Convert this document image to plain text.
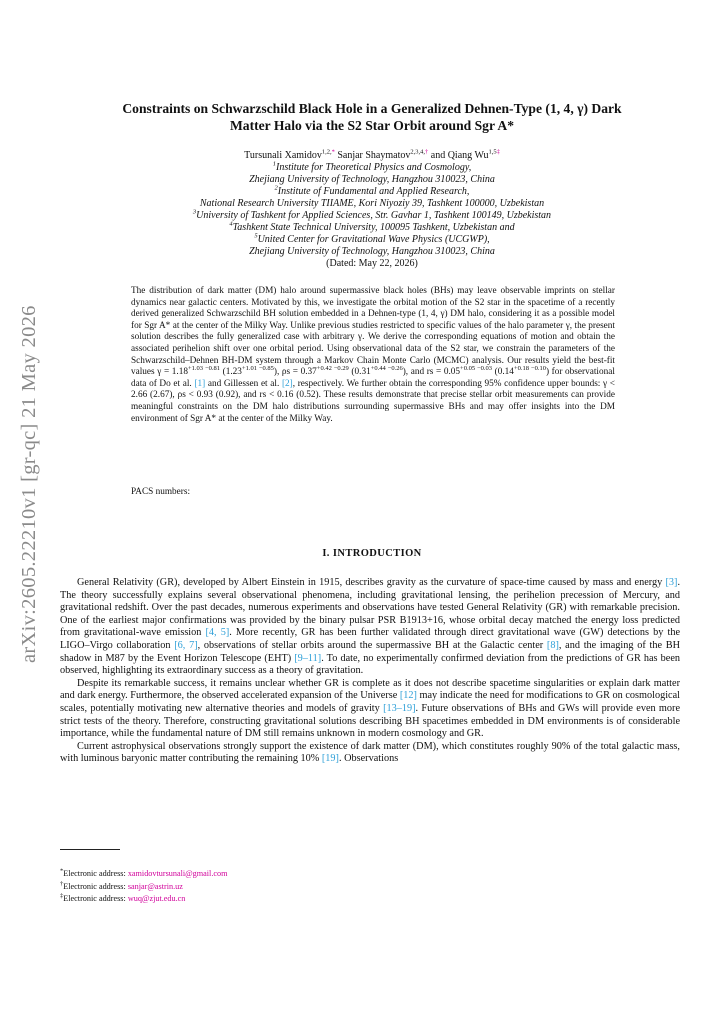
arXiv:2605.22210v1 [gr-qc] 21 May 2026
Constraints on Schwarzschild Black Hole in a Generalized Dehnen-Type (1, 4, γ) Dark
Matter Halo via the S2 Star Orbit around Sgr A*
Tursunali Xamidov$^{1,2,*}$ Sanjar Shaymatov$^{2,3,4,\dagger}$ and Qiang $Wu^{1,5\ddagger}$
$^1$Institute for Theoretical Physics and Cosmology,
Zhejiang University of Technology, Hangzhou 310023, China
$^2$Institute of Fundamental and Applied Research,
National Research University TIIAME, Kori Niyoziy 39, Tashkent 100000, Uzbekistan
$^3$University of Tashkent for Applied Sciences, Str. Gavhar 1, Tashkent 100149, Uzbekistan
$^4$Tashkent State Technical University, 100095 Tashkent, Uzbekistan and
$^5$United Center for Gravitational Wave Physics (UCGWP),
Zhejiang University of Technology, Hangzhou 310023, China
(Dated: May 22, 2026)
The distribution of dark matter (DM) halo around supermassive black holes (BHs) may leave observable imprints on stellar dynamics near galactic centers. Motivated by this, we investigate the orbital motion of the S2 star in the spacetime of a recently derived generalized Schwarzschild BH solution embedded in a Dehnen-type (1, 4, γ) DM halo, considering it as a possible model for Sgr A* at the center of the Milky Way. Unlike previous studies restricted to specific values of the halo parameter γ, the present solution describes the fully generalized case with arbitrary γ. We derive the corresponding equations of motion and obtain the associated perihelion shift over one orbital period. Using observational data of the S2 star, we constrain the parameters of the Schwarzschild–Dehnen BH-DM system through a Markov Chain Monte Carlo (MCMC) analysis. Our results yield the best-fit values $\gamma = 1.18^{+1.03 -0.81}$ $(1.23^{+1.01 -0.85})$, $\rho s = 0.37^{+0.42 -0.29}$ $(0.31^{+0.44 -0.26})$, and rs = $0.05^{+0.05 -0.03}$ $(0.14^{+0.18 -0.10})$ for observational data of Do et al. [1] and Gillessen et al. [2], respectively. We further obtain the corresponding 95% confidence upper bounds: γ < 2.66 (2.67), ρs < 0.93 (0.92), and rs < 0.16 (0.52). These results demonstrate that precise stellar orbit measurements can provide meaningful constraints on the DM halo distributions surrounding supermassive BHs and may offer insights into the DM environment of Sgr A* at the center of the Milky Way.
PACS numbers:
I. INTRODUCTION

General Relativity (GR), developed by Albert Einstein in 1915, describes gravity as the curvature of space-time caused by mass and energy [3]. The theory successfully explains several observational phenomena, including gravitational lensing, the perihelion precession of Mercury, and gravitational redshift. Over the past decades, numerous experiments and observations have tested General Relativity (GR) with remarkable precision. One of the earliest major confirmations was provided by the binary pulsar PSR B1913+16, whose orbital decay matched the energy loss predicted from gravitational-wave emission [4, 5]. More recently, GR has been further validated through direct gravitational wave (GW) detections by the LIGO–Virgo collaboration [6, 7], observations of stellar orbits around the supermassive BH at the Galactic center [8], and the imaging of the BH shadow in M87 by the Event Horizon Telescope (EHT) [9–11]. To date, no experimentally confirmed deviation from the predictions of GR has been observed, highlighting its extraordinary success as a theory of gravitation.

Despite its remarkable success, it remains unclear whether GR is complete as it does not describe spacetime singularities or explain dark matter and dark energy. Furthermore, the observed accelerated expansion of the Universe [12] may indicate the need for modifications to GR on cosmological scales, potentially motivating new alternative theories and models of gravity [13–19]. Future observations of BHs and GWs will provide even more strict tests of the theory. Therefore, constructing gravitational solutions describing BH spacetimes embedded in DM environments is of considerable importance, while the fundamental nature of DM still remains unknown in modern cosmology and GR.

Current astrophysical observations strongly support the existence of dark matter (DM), which constitutes roughly 90% of the total galactic mass, with luminous baryonic matter contributing the remaining 10% [19]. Observations

*Electronic address: xamidovtursunali@gmail.com
†Electronic address: sanjar@astrin.uz
‡Electronic address: wuq@zjut.edu.cn
